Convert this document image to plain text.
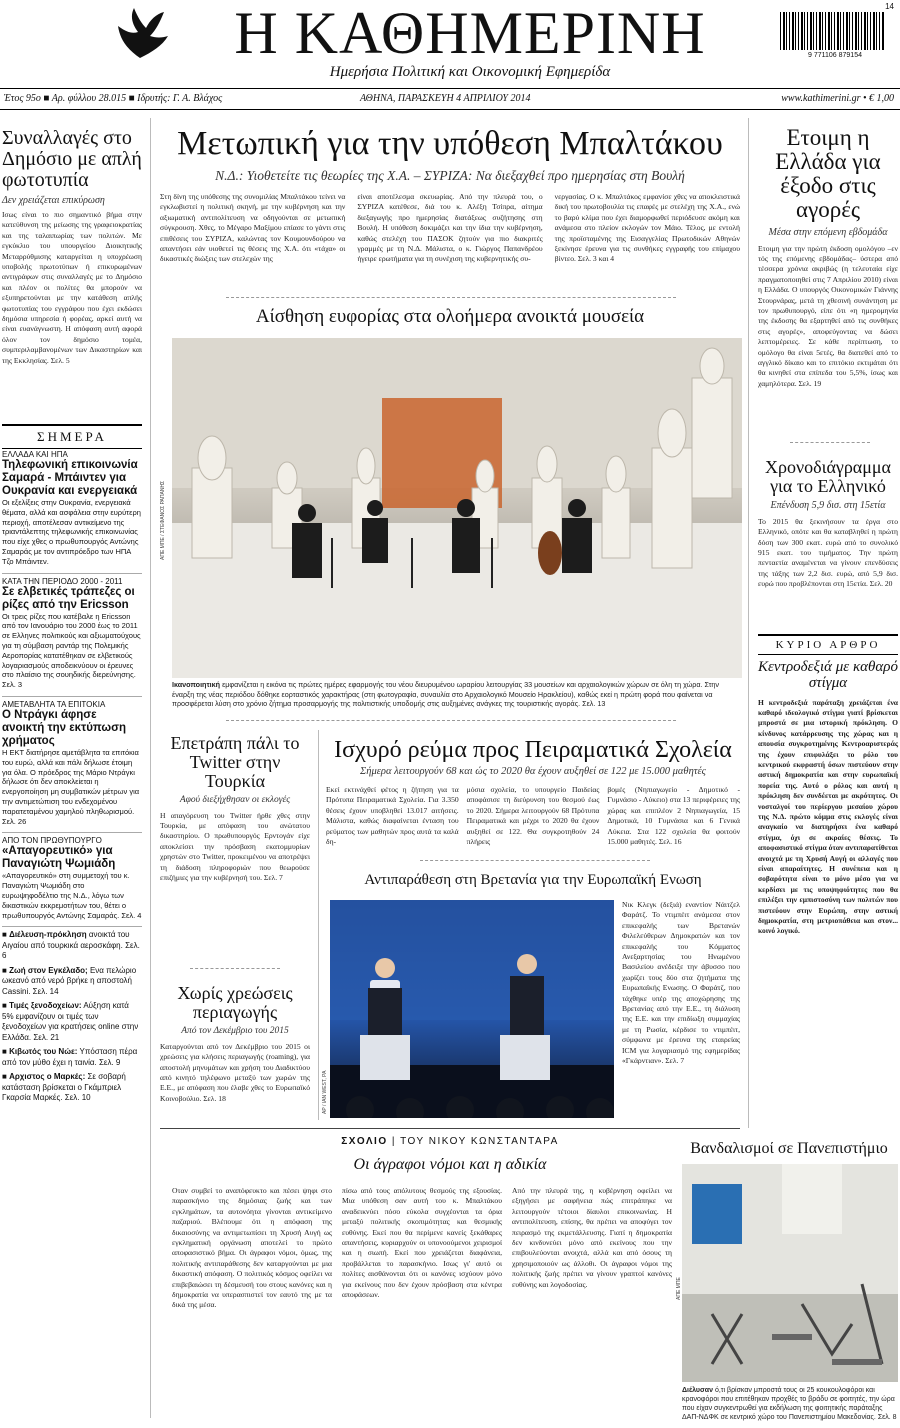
Η ΚΑΘΗΜΕΡΙΝΗ
Ημερήσια Πολιτική και Οικονομική Εφημερίδα
14
9 771106 879154
Έτος 95ο ■ Αρ. φύλλου 28.015 ■ Ιδρυτής: Γ. Α. Βλάχος	ΑΘΗΝΑ, ΠΑΡΑΣΚΕΥΗ 4 ΑΠΡΙΛΙΟΥ 2014	www.kathimerini.gr • € 1,00
Συναλλαγές στο Δημόσιο με απλή φωτοτυπία
Δεν χρειάζεται επικύρωση
Ισως είναι το πιο σημαντικό βήμα στην κατεύθυνση της μείωσης της γραφειοκρατίας και της ταλαιπωρίας των πολιτών. Με εγκύκλιο του υπουργείου Διοικητικής Μεταρρύθμισης καταργείται η υποχρέωση υποβολής πρωτοτύπων ή επικυρωμένων αντιγράφων στις συναλλαγές με το Δημόσιο και πλέον οι πολίτες θα μπορούν να εξυπηρετούνται με την κατάθεση απλής φωτοτυπίας του εγγράφου που έχει εκδώσει δημόσια υπηρεσία ή φορέας, αρκεί αυτή να είναι ευανάγνωστη. Η απόφαση αυτή αφορά όλον τον δημόσιο τομέα, συμπεριλαμβανομένων των Δικαστηρίων και της Εκκλησίας. Σελ. 5
ΣΗΜΕΡΑ
ΕΛΛΑΔΑ ΚΑΙ ΗΠΑ
Τηλεφωνική επικοινωνία Σαμαρά - Μπάιντεν για Ουκρανία και ενεργειακά
Οι εξελίξεις στην Ουκρανία, ενεργειακά θέματα, αλλά και ασφάλεια στην ευρύτερη περιοχή, αποτέλεσαν αντικείμενο της τριαντάλεπτης τηλεφωνικής επικοινωνίας που είχε χθες ο πρωθυπουργός Αντώνης Σαμαράς με τον αντιπρόεδρο των ΗΠΑ Τζο Μπάιντεν.
ΚΑΤΑ ΤΗΝ ΠΕΡΙΟΔΟ 2000 - 2011
Σε ελβετικές τράπεζες οι ρίζες από την Ericsson
Οι τρεις ρίζες που κατέβαλε η Ericsson από τον Ιανουάριο του 2000 έως το 2011 σε Ελληνες πολιτικούς και αξιωματούχους για τη σύμβαση ραντάρ της Πολεμικής Αεροπορίας κατατέθηκαν σε ελβετικούς λογαριασμούς αποδεικνύουν οι έρευνες στο πλαίσιο της σουηδικής διερεύνησης. Σελ. 3
ΑΜΕΤΑΒΛΗΤΑ ΤΑ ΕΠΙΤΟΚΙΑ
Ο Ντράγκι άφησε ανοικτή την εκτύπωση χρήματος
Η ΕΚΤ διατήρησε αμετάβλητα τα επιτόκια του ευρώ, αλλά και πάλι δήλωσε έτοιμη για όλα. Ο πρόεδρος της Μάριο Ντράγκι δήλωσε ότι δεν αποκλείεται η ενεργοποίηση μη συμβατικών μέτρων για την αντιμετώπιση του ενδεχομένου παρατεταμένου χαμηλού πληθωρισμού. Σελ. 26
ΑΠΟ ΤΟΝ ΠΡΩΘΥΠΟΥΡΓΟ
«Απαγορευτικό» για Παναγιώτη Ψωμιάδη
«Απαγορευτικό» στη συμμετοχή του κ. Παναγιώτη Ψωμιάδη στο ευρωψηφοδέλτιο της Ν.Δ., λόγω των δικαστικών εκκρεμοτήτων του, θέτει ο πρωθυπουργός Αντώνης Σαμαράς. Σελ. 4
■ Διέλευση-πρόκληση ανοικτά του Αιγαίου από τουρκικά αεροσκάφη. Σελ. 6
■ Ζωή στον Εγκέλαδο; Ενα πελώριο ωκεανό από νερό βρήκε η αποστολή Cassini. Σελ. 14
■ Τιμές ξενοδοχείων: Αύξηση κατά 5% εμφανίζουν οι τιμές των ξενοδοχείων για κρατήσεις online στην Ελλάδα. Σελ. 21
■ Κιβωτός του Νώε: Υπόσταση πέρα από τον μύθο έχει η ταινία. Σελ. 9
■ Αρχιστος ο Μαρκές: Σε σοβαρή κατάσταση βρίσκεται ο Γκάμπριελ Γκαρσία Μαρκές. Σελ. 10
Μετωπική για την υπόθεση Μπαλτάκου
Ν.Δ.: Υιοθετείτε τις θεωρίες της Χ.Α. – ΣΥΡΙΖΑ: Να διεξαχθεί προ ημερησίας στη Βουλή
Στη δίνη της υπόθεσης της συνομιλίας Μπαλτάκου τείνει να εγκλωβιστεί η πολιτική σκηνή, με την κυβέρνηση και την αξιωματική αντιπολίτευση να οδηγούνται σε μετωπική σύγκρουση. Χθες, το Μέγαρο Μαξίμου επίασε το γάντι στις επιθέσεις του ΣΥΡΙΖΑ, καλώντας τον Κουμουνδούρου να απαντήσει εάν υιοθετεί τις θέσεις της Χ.Α. ότι «τάχα» οι δικαστικές διώξεις των στελεχών της
είναι αποτέλεσμα σκευωρίας. Από την πλευρά του, ο ΣΥΡΙΖΑ κατέθεσε, διά του κ. Αλέξη Τσίπρα, αίτημα διεξαγωγής προ ημερησίας διατάξεως συζήτησης στη Βουλή. Η υπόθεση δοκιμάζει και την ίδια την κυβέρνηση, καθώς στελέχη του ΠΑΣΟΚ ζητούν για πιο διακριτές γραμμές με τη Ν.Δ. Μάλιστα, ο κ. Γιώργος Παπανδρέου ήγειρε ερωτήματα για τη συνέχιση της κυβερνητικής συ-
νεργασίας. Ο κ. Μπαλτάκος εμφανίσε χθες να αποκλειστικά δική του πρωτοβουλία τις επαφές με στελέχη της Χ.Α., ενώ το βαρύ κλίμα που έχει διαμορφωθεί περιόδευσε ακόμη και ανάμεσα στο πλείον εκλογών τον Μάιο. Τέλος, με εντολή της προϊσταμένης της Εισαγγελίας Πρωτοδικών Αθηνών ξεκίνησε έρευνα για τις συνθήκες εγγραφής του επίμαχου βίντεο. Σελ. 3 και 4
Αίσθηση ευφορίας στα ολοήμερα ανοικτά μουσεία
ΑΠΕ ΜΠΕ / ΣΤΕΦΑΝΟΣ ΡΑΠΑΝΗΣ
Ικανοποιητική εμφανίζεται η εικόνα τις πρώτες ημέρες εφαρμογής του νέου διευρυμένου ωραρίου λειτουργίας 33 μουσείων και αρχαιολογικών χώρων σε όλη τη χώρα. Στην έναρξη της νέας περιόδου δόθηκε εορταστικός χαρακτήρας (στη φωτογραφία, συναυλία στο Αρχαιολογικό Μουσείο Ηρακλείου), καθώς εκεί η πρώτη φορά που φαίνεται να προσφέρεται λύση στο χρόνιο ζήτημα προσαρμογής της πολιτιστικής υποδομής στις αυξημένες ανάγκες της τουριστικής αγοράς. Σελ. 13
Ετοιμη η Ελλάδα για έξοδο στις αγορές
Μέσα στην επόμενη εβδομάδα
Ετοιμη για την πρώτη έκδοση ομολόγου –εν τός της επόμενης εβδομάδας– ύστερα από τέσσερα χρόνια ακριβώς (η τελευταία είχε πραγματοποιηθεί στις 7 Απριλίου 2010) είναι η Ελλάδα. Ο υπουργός Οικονομικών Γιάννης Στουρνάρας, μετά τη χθεσινή συνάντηση με τον πρωθυπουργό, είπε ότι «η ημερομηνία της έκδοσης θα εξαρτηθεί από τις συνθήκες στις αγορές», αποφεύγοντας να δώσει λεπτομέρειες. Σε κάθε περίπτωση, το ομόλογο θα είναι 5ετές, θα διατεθεί από το αγγλικό δίκαιο και το επιτόκιο εκτιμάται ότι θα κινηθεί στα επίπεδα του 5,5%, ίσως και χαμηλότερα. Σελ. 19
Χρονοδιάγραμμα για το Ελληνικό
Επένδυση 5,9 δισ. στη 15ετία
Το 2015 θα ξεκινήσουν τα έργα στο Ελληνικό, οπότε και θα καταβληθεί η πρώτη δόση των 300 εκατ. ευρώ από το συνολικό 915 εκατ. του τιμήματος. Την πρώτη πενταετία αναμένεται να γίνουν επενδύσεις της τάξης των 2,2 δισ. ευρώ, από 5,9 δισ. ευρώ που προβλέπονται στη 15ετία. Σελ. 20
ΚΥΡΙΟ ΑΡΘΡΟ
Κεντροδεξιά με καθαρό στίγμα
Η κεντροδεξιά παράταξη χρειάζεται ένα καθαρό ιδεολογικό στίγμα γιατί βρίσκεται μπροστά σε μια ιστορική πρόκληση. Ο κίνδυνος κατάρρευσης της χώρας και η απουσία συγκροτημένης Κεντροαριστεράς της έχουν επιφυλάξει το ρόλο του κεντρικού εκφραστή όσων πιστεύουν στην αστική δημοκρατία και στην ευρωπαϊκή πορεία της. Αυτό ο ρόλος και αυτή η πρόκληση δεν συνδέεται με ακρότητες. Οι νοσταλγοί του περίεργου μεσαίου χώρου της Ν.Δ. πρώτο κόμμα στις εκλογές είναι αναγκαίο να διατηρήσει ένα καθαρό στίγμα, όχι σε ακραίες θέσεις. Το αποφασιστικό στίγμα όταν αντιπαρατίθεται ανοιχτά με τη Χρυσή Αυγή οι αλλαγές που είναι απαραίτητες. Η συνέπεια και η σοβαρότητα είναι το μόνο μέσο για να κερδίσει με τις υποψηφιότητες που θα επιλέξει την εμπιστοσύνη των πολιτών που πιστεύουν στην Ευρώπη, στην αστική δημοκρατία, στη μετριοπάθεια και στον... κοινό λογικό.
Επετράπη πάλι το Twitter στην Τουρκία
Αφού διεξήχθησαν οι εκλογές
Η απαγόρευση του Twitter ήρθε χθες στην Τουρκία, με απόφαση του ανώτατου δικαστηρίου. Ο πρωθυπουργός Ερντογάν είχε αποκλείσει την πρόσβαση εκατομμυρίων χρηστών στο Twitter, προκειμένου να αποτρέψει τη διάδοση πληροφοριών που θεωρούσε επιζήμιες για την κυβέρνησή του. Σελ. 7
Χωρίς χρεώσεις περιαγωγής
Από τον Δεκέμβριο του 2015
Καταργούνται από τον Δεκέμβριο του 2015 οι χρεώσεις για κλήσεις περιαγωγής (roaming), για αποστολή μηνυμάτων και χρήση του Διαδικτύου από κινητό τηλέφωνο μεταξύ των χωρών της Ε.Ε., με απόφαση που έλαβε χθες το Ευρωπαϊκό Κοινοβούλιο. Σελ. 18
Ισχυρό ρεύμα προς Πειραματικά Σχολεία
Σήμερα λειτουργούν 68 και ώς το 2020 θα έχουν αυξηθεί σε 122 με 15.000 μαθητές
Εκεί εκτινάχθεί φέτος η ζήτηση για τα Πρότυπα Πειραματικά Σχολεία. Για 3.350 θέσεις έχουν υποβληθεί 13.017 αιτήσεις. Μάλιστα, καθώς διαφαίνεται ένταση του ρεύματος των μαθητών προς αυτά τα καλά δη-
μόσια σχολεία, το υπουργείο Παιδείας αποφάσισε τη διεύρυνση του θεσμού έως το 2020. Σήμερα λειτουργούν 68 Πρότυπα Πειραματικά και μέχρι το 2020 θα έχουν αυξηθεί σε 122. Θα συγκροτηθούν 24 πλήρεις
βομές (Νηπιαγωγείο - Δημοτικό - Γυμνάσιο - Λύκειο) στα 13 περιφέρειες της χώρας και επιπλέον 2 Νηπιαγωγεία, 15 Δημοτικά, 10 Γυμνάσια και 6 Γενικά Λύκεια. Στα 122 σχολεία θα φοιτούν 15.000 μαθητές. Σελ. 16
Αντιπαράθεση στη Βρετανία για την Ευρωπαϊκή Ενωση
AP / IAN WEST, PA
Νικ Κλεγκ (δεξιά) εναντίον Νάιτζελ Φαράτζ. Το ντιμπέιτ ανάμεσα στον επικεφαλής των Βρετανών Φιλελεύθερων Δημοκρατών και τον επικεφαλής του Κόμματος Ανεξαρτησίας του Ηνωμένου Βασιλείου ανέδειξε την άβυσσο που χωρίζει τους δύο στα ζητήματα της Ευρωπαϊκής Ενωσης. Ο Φαράτζ, που τάχθηκε υπέρ της αποχώρησης της Βρετανίας από την Ε.Ε., τη διάλυση της Ε.Ε. και την επιδίωξη συμμαχίας με τη Ρωσία, κέρδισε το ντιμπέιτ, σύμφωνα με έρευνα της εταιρείας ICM για λογαριασμό της εφημερίδας «Γκάρντιαν». Σελ. 7
ΣΧΟΛΙΟ | ΤΟΥ ΝΙΚΟΥ ΚΩΝΣΤΑΝΤΑΡΑ
Οι άγραφοι νόμοι και η αδικία
Οταν συμβεί το αναπόφευκτο και πέσει ψηφι στο παρασκήνιο της δημόσιας ζωής και των εγκλημάτων, τα αυτονόητα γίνονται αντικείμενο παζαριού. Βλέπουμε ότι η απόφαση της δικαιοσύνης να αντιμετωπίσει τη Χρυσή Αυγή ως εγκληματική οργάνωση αποτελεί το πρώτο αποφασιστικό βήμα. Οι άγραφοι νόμοι, όμως, της πολιτικής αντιπαράθεσης δεν καταργούνται με μια δικαστική απόφαση. Ο πολιτικός κόσμος οφείλει να επιβεβαιώσει τη δέσμευσή του στους κανόνες και η δημοκρατία να υπερασπιστεί τον εαυτό της με τα δικά της μέσα.
πίσω από τους απόλυτους θεσμούς της εξουσίας. Μια υπόθεση σαν αυτή του κ. Μπαλτάκου αναδεικνύει πόσο εύκολα συγχέονται τα όρια μεταξύ πολιτικής σκοπιμότητας και θεσμικής ευθύνης. Εκεί που θα περίμενε κανείς ξεκάθαρες απαντήσεις, κυριαρχούν οι υπονοούμενοι χειρισμοί και η σιωπή. Εκεί που χρειάζεται διαφάνεια, προβάλλεται το παρασκήνιο. Ισως γι' αυτό οι πολίτες αισθάνονται ότι οι κανόνες ισχύουν μόνο για εκείνους που δεν έχουν πρόσβαση στα κέντρα αποφάσεων.
Από την πλευρά της, η κυβέρνηση οφείλει να εξηγήσει με σαφήνεια πώς επιτράπηκε να λειτουργούν τέτοιοι δίαυλοι επικοινωνίας. Η αντιπολίτευση, επίσης, θα πρέπει να αποφύγει τον πειρασμό της εκμετάλλευσης. Γιατί η δημοκρατία δεν κινδυνεύει μόνο από εκείνους που την επιβουλεύονται ανοιχτά, αλλά και από όσους τη χρησιμοποιούν ως άλλοθι. Οι άγραφοι νόμοι της πολιτικής ζωής πρέπει να γίνουν γραπτοί κανόνες ευθύνης και λογοδοσίας.
Βανδαλισμοί σε Πανεπιστήμιο
ΑΠΕ ΜΠΕ
Διέλυσαν ό,τι βρίσκαν μπροστά τους οι 25 κουκουλοφόροι και κρανοφόροι που επιτέθηκαν προχθές το βράδυ σε φοιτητές, την ώρα που είχαν συγκεντρωθεί για εκδήλωση της φοιτητικής παράταξης ΔΑΠ-ΝΔΦΚ σε κεντρικό χώρο του Πανεπιστημίου Μακεδονίας. Σελ. 8
